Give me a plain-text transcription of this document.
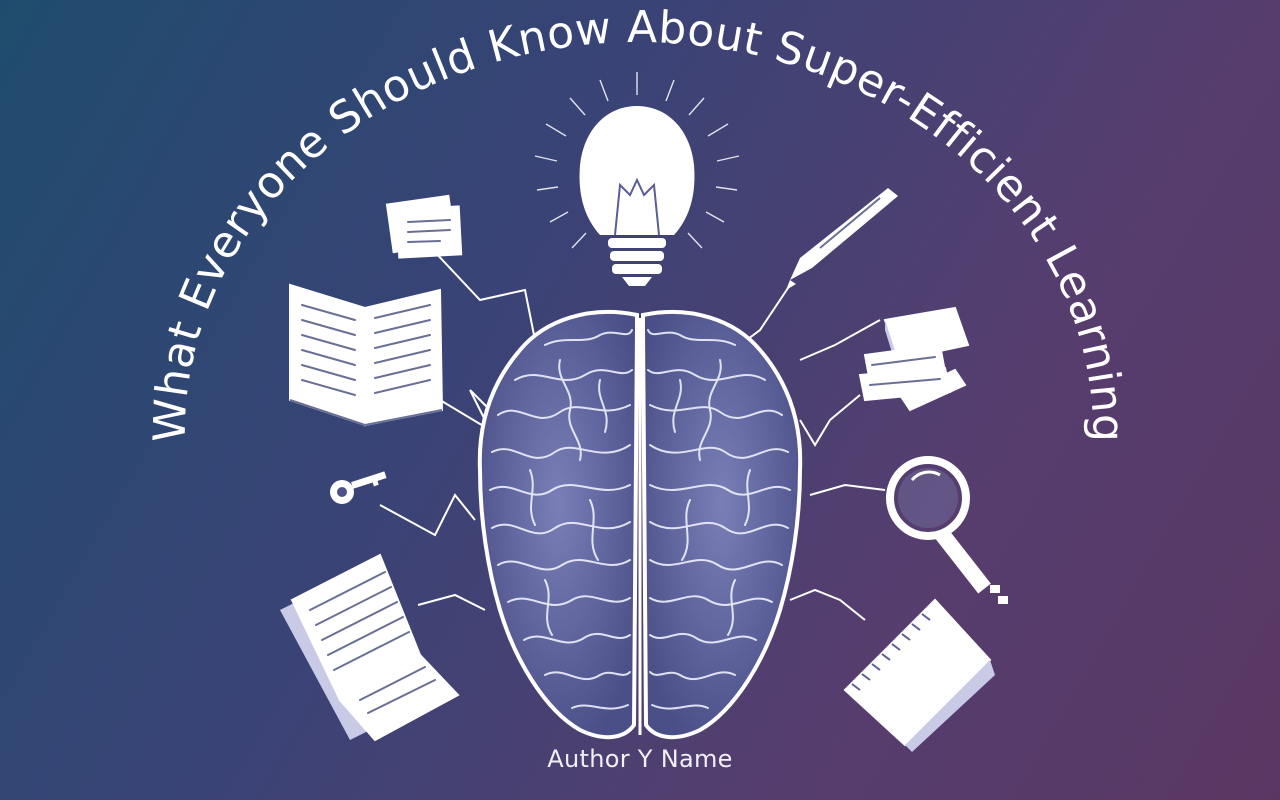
What Everyone Should Know About Super-Efficient Learning
Author Y Name
